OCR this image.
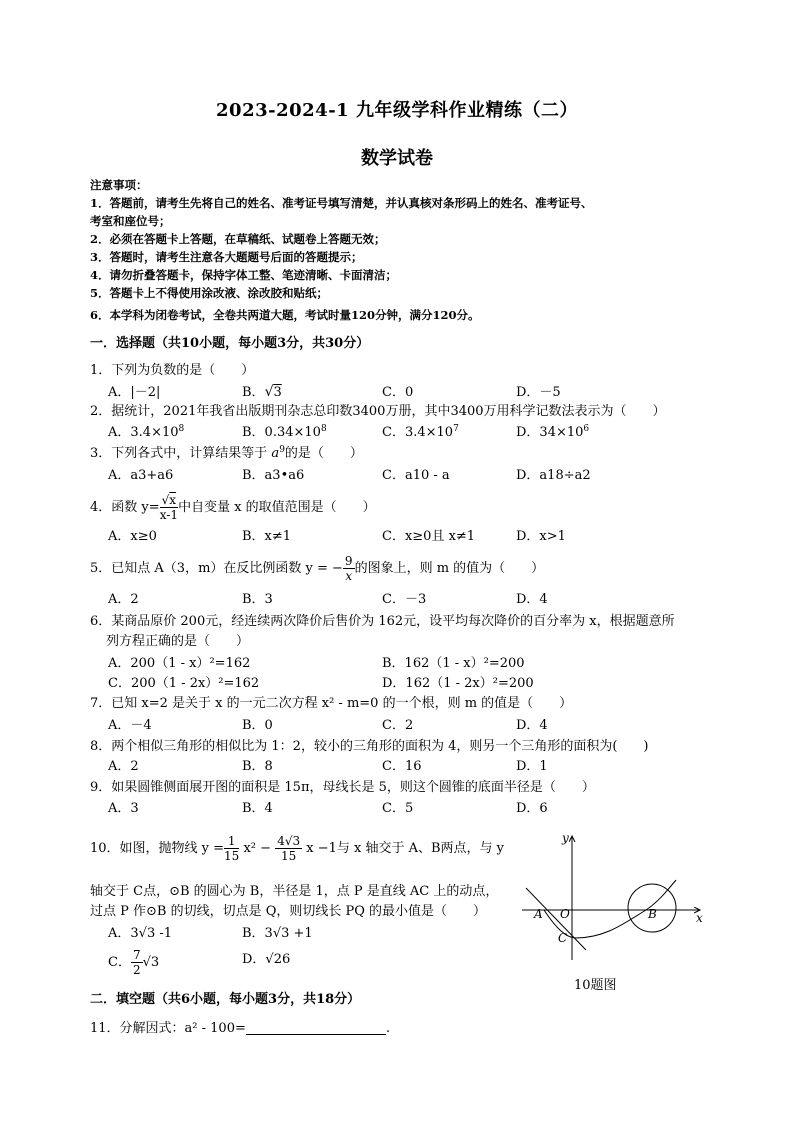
2023-2024-1 九年级学科作业精练（二）
数学试卷
注意事项：
1．答题前，请考生先将自己的姓名、准考证号填写清楚，并认真核对条形码上的姓名、准考证号、
考室和座位号；
2．必须在答题卡上答题，在草稿纸、试题卷上答题无效；
3．答题时，请考生注意各大题题号后面的答题提示；
4．请勿折叠答题卡，保持字体工整、笔迹清晰、卡面清洁；
5．答题卡上不得使用涂改液、涂改胶和贴纸；
6．本学科为闭卷考试，全卷共两道大题，考试时量120分钟，满分120分。
一．选择题（共10小题，每小题3分，共30分）
1．下列为负数的是（　　）
A．|－2|	B．√3	C．0	D．－5
2．据统计，2021年我省出版期刊杂志总印数3400万册，其中3400万用科学记数法表示为（　　）
A．$3.4\times 10^8$	B．$0.34\times 10^8$	C．$3.4\times 10^7$	D．$34\times 10^6$
3．下列各式中，计算结果等于 $a^9$的是（　　）
A．a3+a6	B．a3•a6	C．a10 - a	D．a18÷a2
4．函数 $y= \frac{√x}{x-1}$ 中自变量 x 的取值范围是（　　）
A．x≥0	B．x≠1	C．x≥0且 x≠1	D．x>1
5．已知点 A（3，m）在反比例函数 y = − $\frac{9}{x}$ 的图象上，则 m 的值为（　　）
A．2	B．3	C．－3	D．4
6．某商品原价 200元，经连续两次降价后售价为 162元，设平均每次降价的百分率为 x，根据题意所
列方程正确的是（　　）
A．200（1 - x）²=162	B．162（1 - x）²=200
C．200（1 - 2x）²=162	D．162（1 - 2x）²=200
7．已知 x=2 是关于 x 的一元二次方程 x² - m=0 的一个根，则 m 的值是（　　）
A．－4	B．0	C．2	D．4
8．两个相似三角形的相似比为 1：2，较小的三角形的面积为 4，则另一个三角形的面积为(　　)
A．2	B．8	C．16	D．1
9．如果圆锥侧面展开图的面积是 15π，母线长是 5，则这个圆锥的底面半径是（　　）
A．3	B．4	C．5	D．6
10．如图，抛物线 $y = \frac{1}{15} x^2 - \frac{4√3}{15}$ x −1与 x 轴交于 A、B两点，与 y
轴交于 C点，⊙B 的圆心为 B，半径是 1，点 P 是直线 AC 上的动点，
过点 P 作⊙B 的切线，切点是 Q，则切线长 PQ 的最小值是（　　）
A．3√3 -1	B．3√3 +1
C． $\frac{7}{2} √3$	D．√26
y
x
A O	B
C
10题图
二．填空题（共6小题，每小题3分，共18分）
11．分解因式：a² - 100=	.
